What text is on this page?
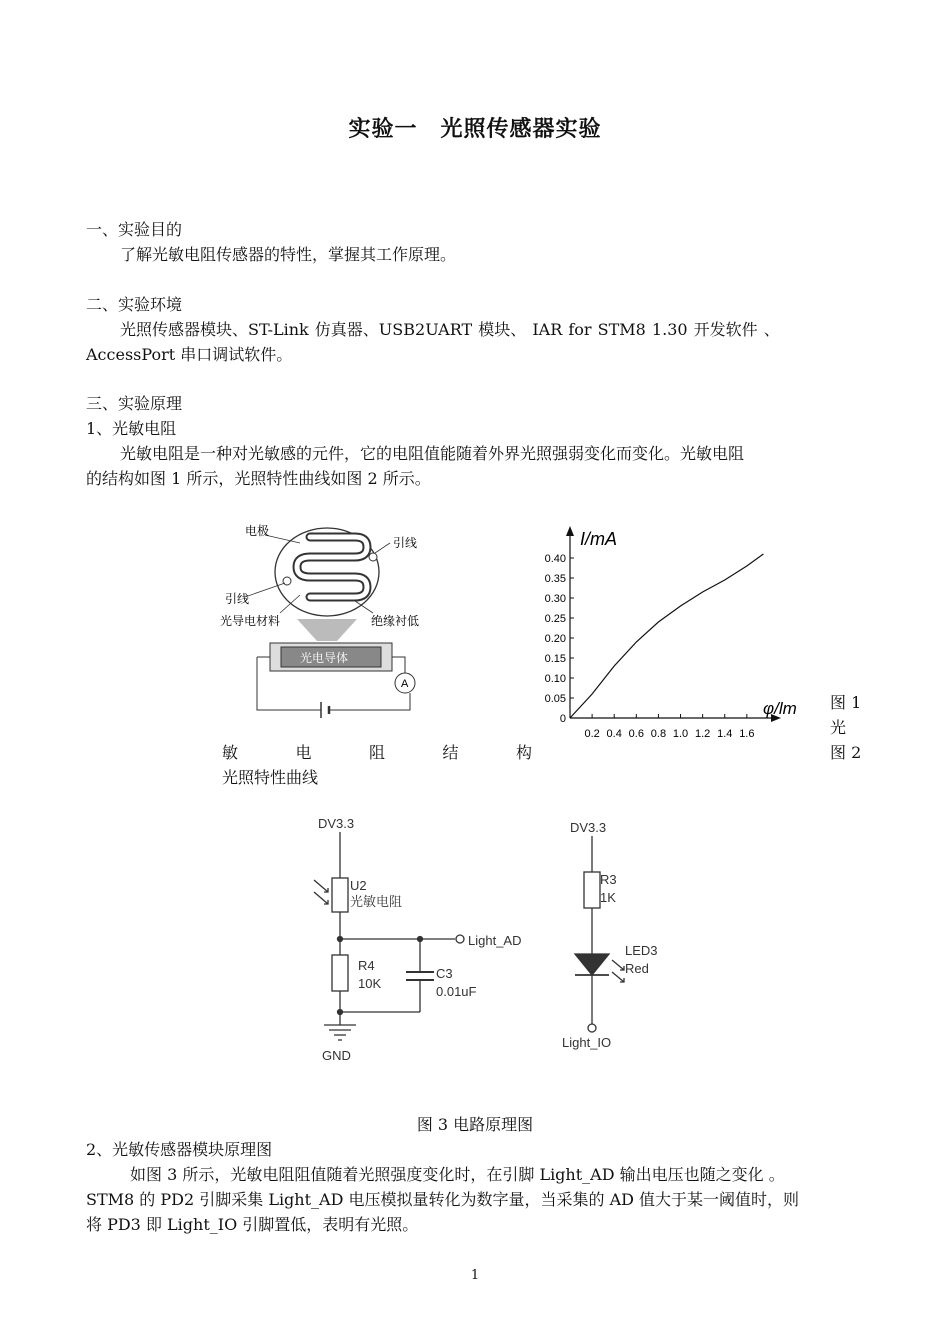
实验一　光照传感器实验
一、实验目的
了解光敏电阻传感器的特性，掌握其工作原理。
二、实验环境
光照传感器模块、ST-Link 仿真器、USB2UART 模块、 IAR for STM8 1.30 开发软件 、
AccessPort 串口调试软件。
三、实验原理
1、光敏电阻
光敏电阻是一种对光敏感的元件，它的电阻值能随着外界光照强弱变化而变化。光敏电阻
的结构如图 1 所示，光照特性曲线如图 2 所示。
电极
引线
引线
光导电材料	绝缘衬低
光电导体
A
I/mA
φ/lm
0.40
0.35
0.30
0.25
0.20
0.15
0.10
0.05
0
0.2 0.4 0.6 0.8 1.0 1.2 1.4 1.6
图 1
光
敏	电	阻	结	构	图 2
光照特性曲线
DV3.3
U2
光敏电阻
Light_AD
R4
10K
C3
0.01uF
GND
DV3.3
R3
1K
LED3
Red
Light_IO
图 3 电路原理图
2、光敏传感器模块原理图
如图 3 所示，光敏电阻阻值随着光照强度变化时，在引脚 Light_AD 输出电压也随之变化 。
STM8 的 PD2 引脚采集 Light_AD 电压模拟量转化为数字量，当采集的 AD 值大于某一阈值时，则
将 PD3 即 Light_IO 引脚置低，表明有光照。
1
